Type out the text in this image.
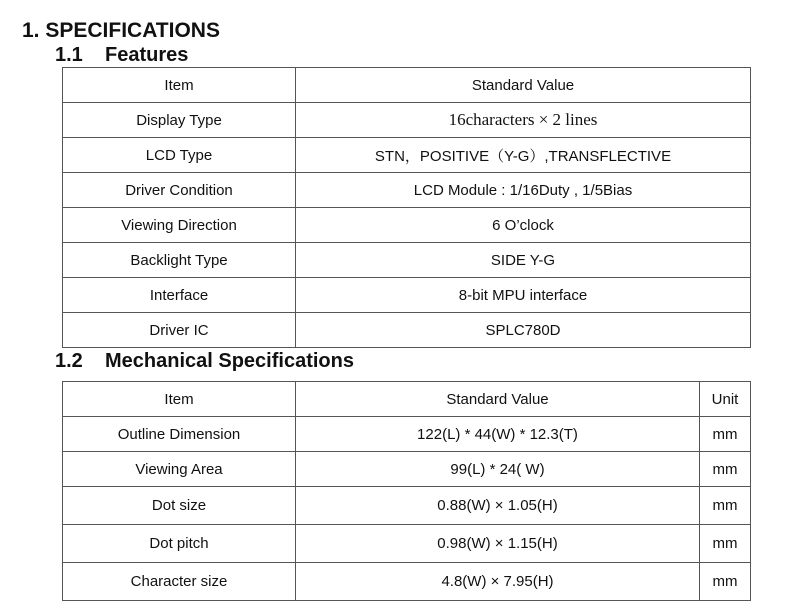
1. SPECIFICATIONS
1.1 Features
Item	Standard Value
Display Type	16characters × 2 lines
LCD Type	STN，POSITIVE（Y-G）,TRANSFLECTIVE
Driver Condition	LCD Module : 1/16Duty , 1/5Bias
Viewing Direction	6 O’clock
Backlight Type	SIDE Y-G
Interface	8-bit MPU interface
Driver IC	SPLC780D
1.2 Mechanical Specifications
Item	Standard Value	Unit
Outline Dimension	122(L) * 44(W) * 12.3(T)	mm
Viewing Area	99(L) * 24( W)	mm
Dot size	0.88(W) × 1.05(H)	mm
Dot pitch	0.98(W) × 1.15(H)	mm
Character size	4.8(W) × 7.95(H)	mm
